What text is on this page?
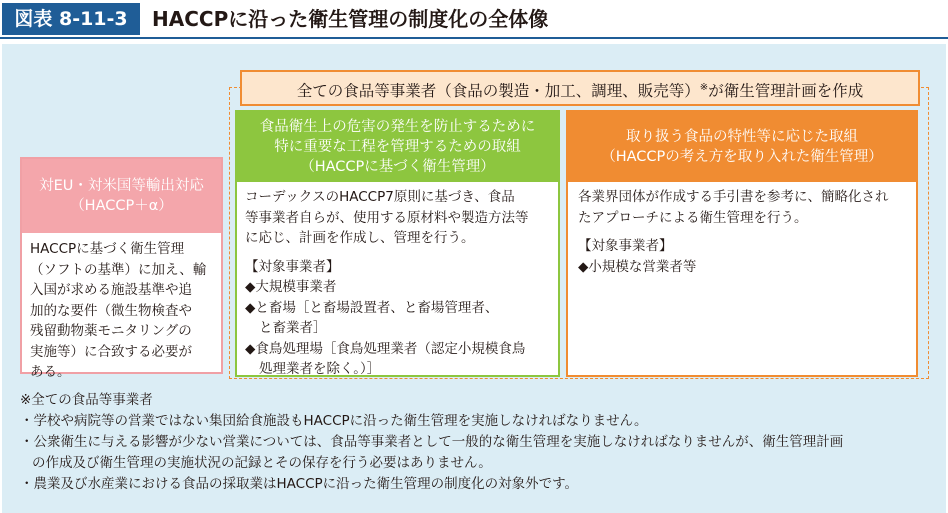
図表 8-11-3	HACCPに沿った衛生管理の制度化の全体像
全ての食品等事業者（食品の製造・加工、調理、販売等）※が衛生管理計画を作成
対EU・対米国等輸出対応
（HACCP＋α）
HACCPに基づく衛生管理
（ソフトの基準）に加え、輸
入国が求める施設基準や追
加的な要件（微生物検査や
残留動物薬モニタリングの
実施等）に合致する必要が
ある。
食品衛生上の危害の発生を防止するために
特に重要な工程を管理するための取組
（HACCPに基づく衛生管理）
コーデックスのHACCP7原則に基づき、食品
等事業者自らが、使用する原材料や製造方法等
に応じ、計画を作成し、管理を行う。
【対象事業者】
◆大規模事業者
◆と畜場［と畜場設置者、と畜場管理者、
と畜業者］
◆食鳥処理場［食鳥処理業者（認定小規模食鳥
処理業者を除く。）］
取り扱う食品の特性等に応じた取組
（HACCPの考え方を取り入れた衛生管理）
各業界団体が作成する手引書を参考に、簡略化され
たアプローチによる衛生管理を行う。
【対象事業者】
◆小規模な営業者等
※全ての食品等事業者
・学校や病院等の営業ではない集団給食施設もHACCPに沿った衛生管理を実施しなければなりません。
・公衆衛生に与える影響が少ない営業については、食品等事業者として一般的な衛生管理を実施しなければなりませんが、衛生管理計画
の作成及び衛生管理の実施状況の記録とその保存を行う必要はありません。
・農業及び水産業における食品の採取業はHACCPに沿った衛生管理の制度化の対象外です。
